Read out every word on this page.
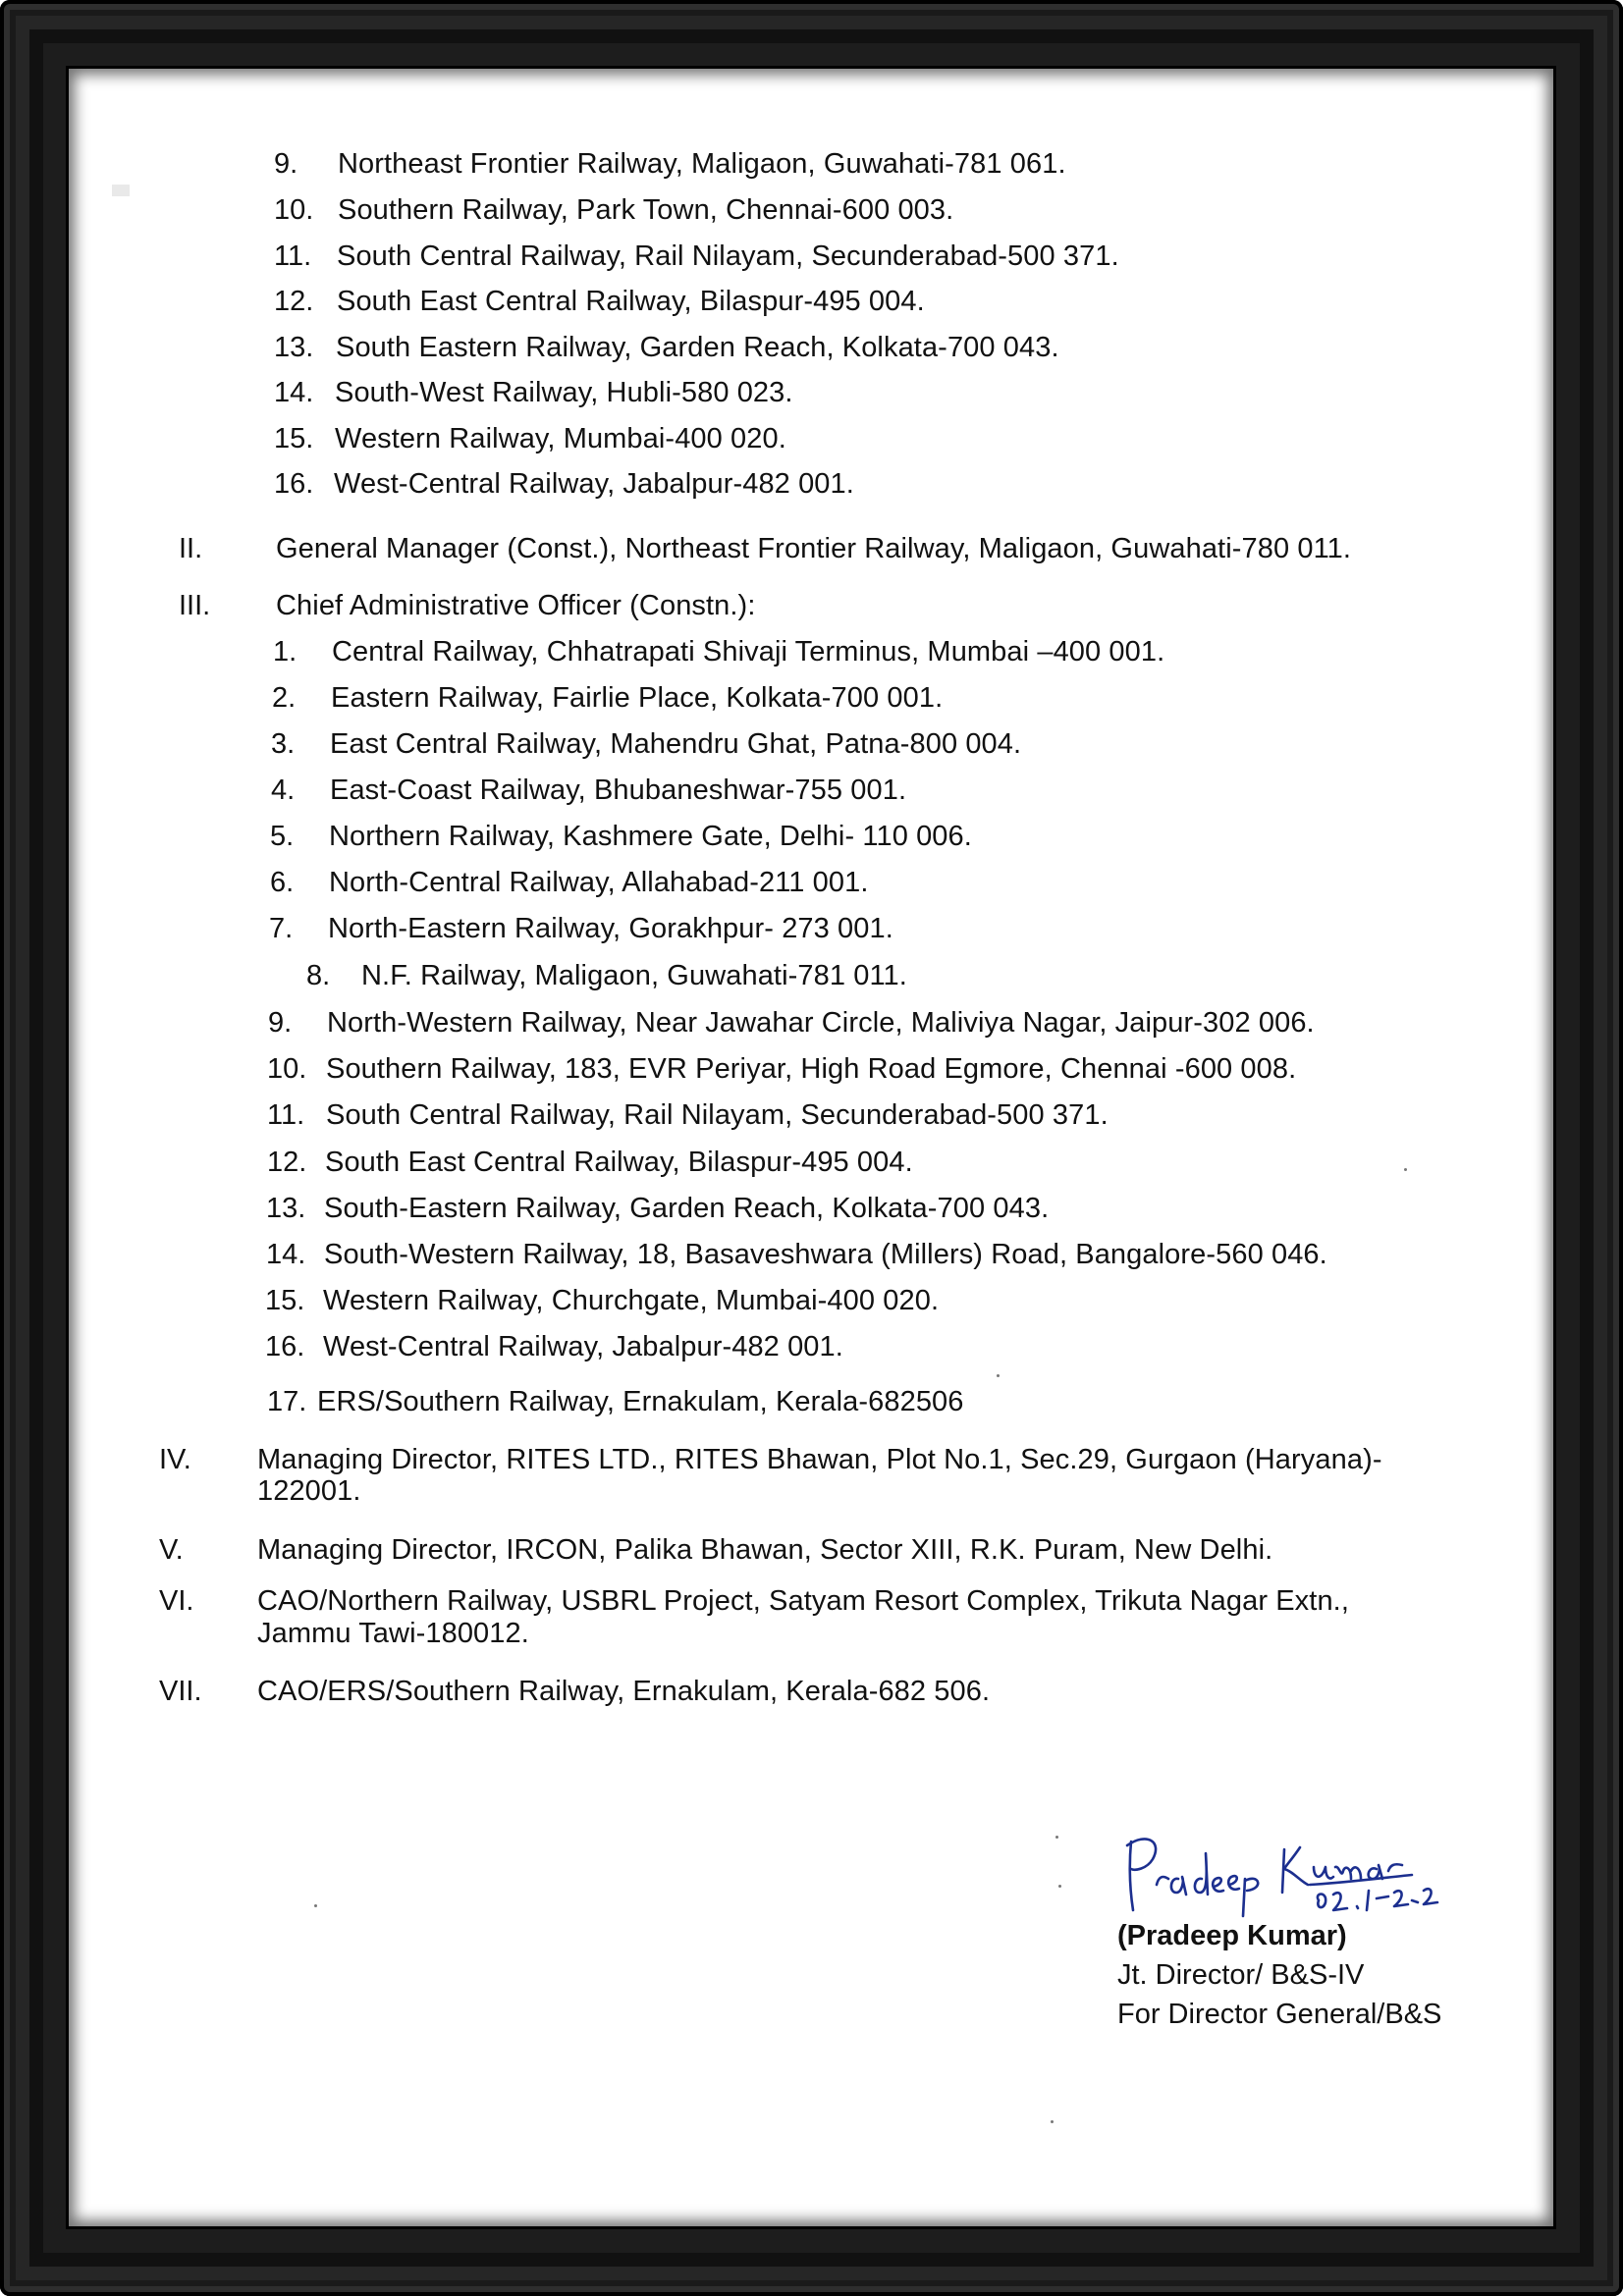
9. Northeast Frontier Railway, Maligaon, Guwahati-781 061.
10. Southern Railway, Park Town, Chennai-600 003.
11. South Central Railway, Rail Nilayam, Secunderabad-500 371.
12. South East Central Railway, Bilaspur-495 004.
13. South Eastern Railway, Garden Reach, Kolkata-700 043.
14. South-West Railway, Hubli-580 023.
15. Western Railway, Mumbai-400 020.
16. West-Central Railway, Jabalpur-482 001.
II.	General Manager (Const.), Northeast Frontier Railway, Maligaon, Guwahati-780 011.
III. Chief Administrative Officer (Constn.):
1. Central Railway, Chhatrapati Shivaji Terminus, Mumbai –400 001.
2. Eastern Railway, Fairlie Place, Kolkata-700 001.
3. East Central Railway, Mahendru Ghat, Patna-800 004.
4. East-Coast Railway, Bhubaneshwar-755 001.
5. Northern Railway, Kashmere Gate, Delhi- 110 006.
6. North-Central Railway, Allahabad-211 001.
7. North-Eastern Railway, Gorakhpur- 273 001.
8. N.F. Railway, Maligaon, Guwahati-781 011.
9. North-Western Railway, Near Jawahar Circle, Maliviya Nagar, Jaipur-302 006.
10. Southern Railway, 183, EVR Periyar, High Road Egmore, Chennai -600 008.
11. South Central Railway, Rail Nilayam, Secunderabad-500 371.
12. South East Central Railway, Bilaspur-495 004.
13. South-Eastern Railway, Garden Reach, Kolkata-700 043.
14. South-Western Railway, 18, Basaveshwara (Millers) Road, Bangalore-560 046.
15. Western Railway, Churchgate, Mumbai-400 020.
16. West-Central Railway, Jabalpur-482 001.
17. ERS/Southern Railway, Ernakulam, Kerala-682506
IV. Managing Director, RITES LTD., RITES Bhawan, Plot No.1, Sec.29, Gurgaon (Haryana)-
122001.
V.	Managing Director, IRCON, Palika Bhawan, Sector XIII, R.K. Puram, New Delhi.
VI. CAO/Northern Railway, USBRL Project, Satyam Resort Complex, Trikuta Nagar Extn.,
Jammu Tawi-180012.
VII. CAO/ERS/Southern Railway, Ernakulam, Kerala-682 506.
(Pradeep Kumar)
Jt. Director/ B&S-IV
For Director General/B&S
